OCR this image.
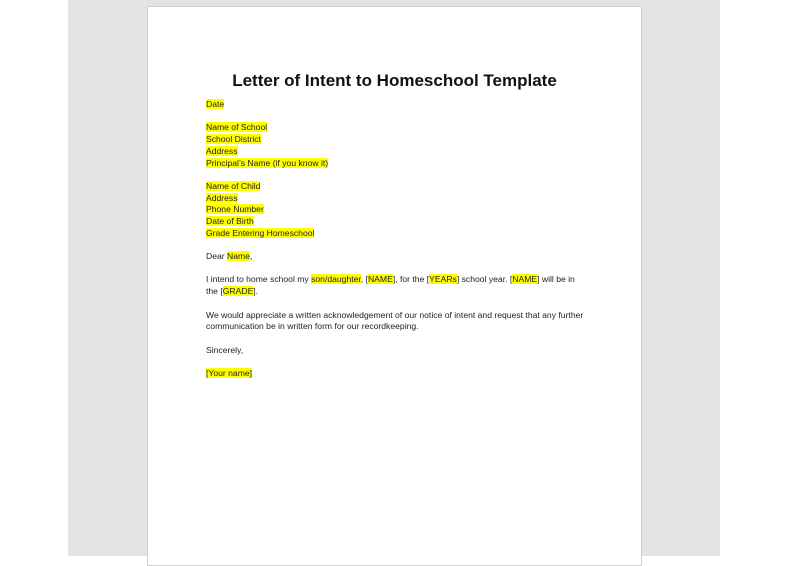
Letter of Intent to Homeschool Template
Date
Name of School
School District
Address
Principal’s Name (if you know it)
Name of Child
Address
Phone Number
Date of Birth
Grade Entering Homeschool
Dear Name,
I intend to home school my son/daughter, [NAME], for the [YEARs] school year. [NAME] will be in
the [GRADE].
We would appreciate a written acknowledgement of our notice of intent and request that any further
communication be in written form for our recordkeeping.
Sincerely,
[Your name]
